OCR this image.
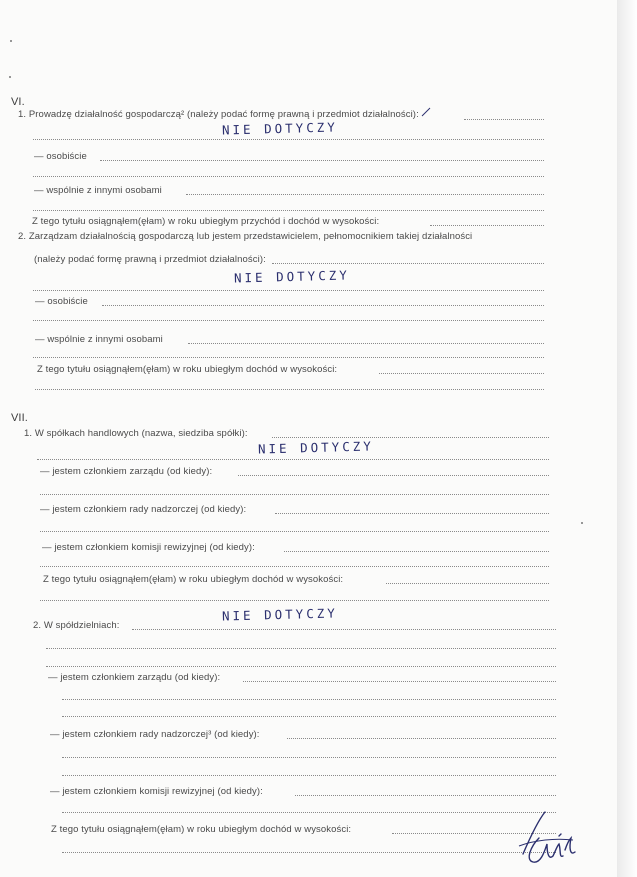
VI.
1. Prowadzę działalność gospodarczą² (należy podać formę prawną i przedmiot działalności):
NIE DOTYCZY
— osobiście
— wspólnie z innymi osobami
Z tego tytułu osiągnąłem(ęłam) w roku ubiegłym przychód i dochód w wysokości:
2. Zarządzam działalnością gospodarczą lub jestem przedstawicielem, pełnomocnikiem takiej działalności
(należy podać formę prawną i przedmiot działalności):
NIE DOTYCZY
— osobiście
— wspólnie z innymi osobami
Z tego tytułu osiągnąłem(ęłam) w roku ubiegłym dochód w wysokości:
VII.
1. W spółkach handlowych (nazwa, siedziba spółki):
NIE DOTYCZY
— jestem członkiem zarządu (od kiedy):
— jestem członkiem rady nadzorczej (od kiedy):
— jestem członkiem komisji rewizyjnej (od kiedy):
Z tego tytułu osiągnąłem(ęłam) w roku ubiegłym dochód w wysokości:
2. W spółdzielniach:
NIE DOTYCZY
— jestem członkiem zarządu (od kiedy):
— jestem członkiem rady nadzorczej³ (od kiedy):
— jestem członkiem komisji rewizyjnej (od kiedy):
Z tego tytułu osiągnąłem(ęłam) w roku ubiegłym dochód w wysokości:
